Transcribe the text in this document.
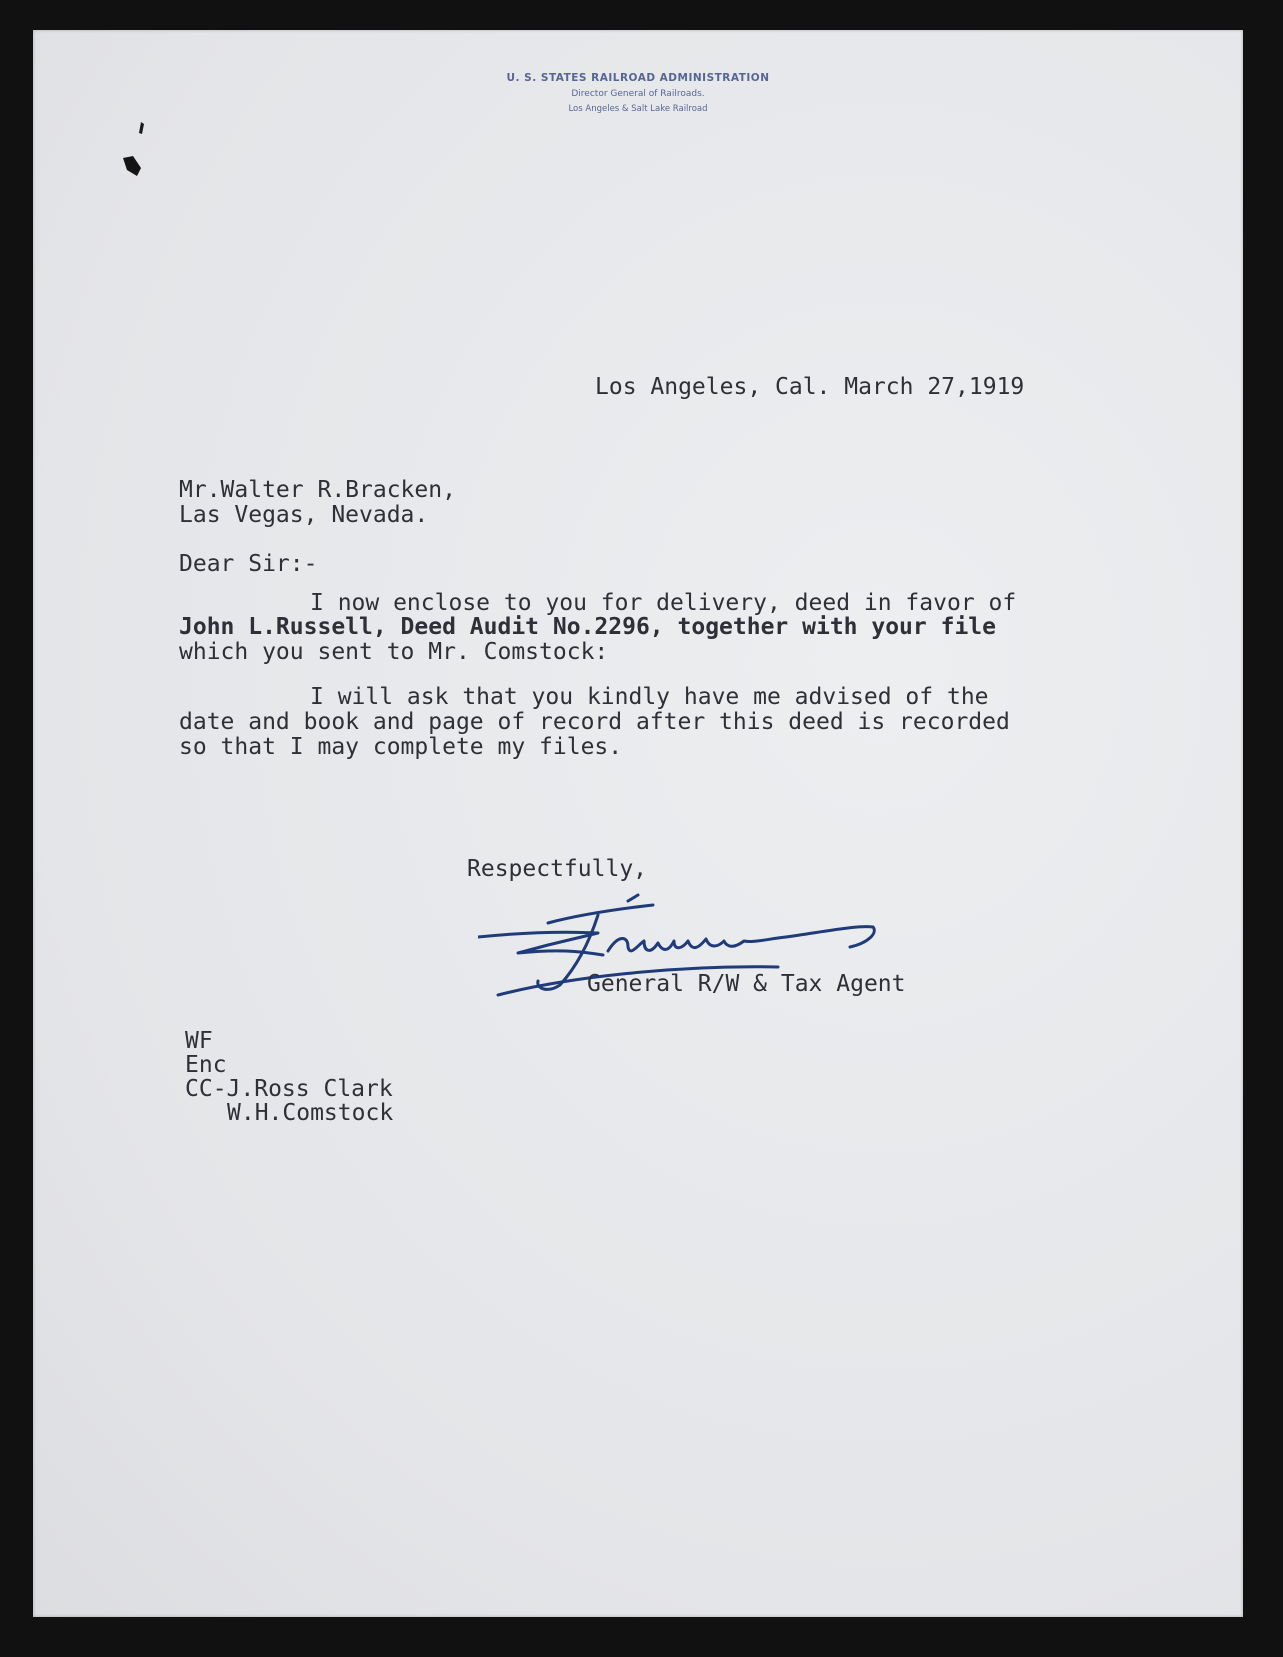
U. S. STATES RAILROAD ADMINISTRATION
Director General of Railroads.
Los Angeles & Salt Lake Railroad
Los Angeles, Cal. March 27,1919
Mr.Walter R.Bracken,
Las Vegas, Nevada.
Dear Sir:-
I now enclose to you for delivery, deed in favor of
John L.Russell, Deed Audit No.2296, together with your file
which you sent to Mr. Comstock:
I will ask that you kindly have me advised of the
date and book and page of record after this deed is recorded
so that I may complete my files.
Respectfully,
General R/W & Tax Agent
WF
Enc
CC-J.Ross Clark
W.H.Comstock
